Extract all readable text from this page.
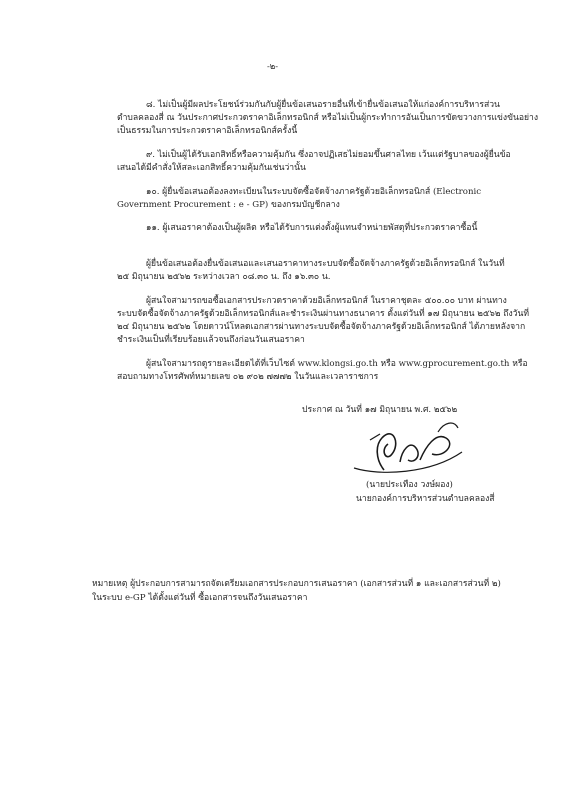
-๒-
๘. ไม่เป็นผู้มีผลประโยชน์ร่วมกันกับผู้ยื่นข้อเสนอรายอื่นที่เข้ายื่นข้อเสนอให้แก่องค์การบริหารส่วน
ตำบลคลองสี่ ณ วันประกาศประกวดราคาอิเล็กทรอนิกส์ หรือไม่เป็นผู้กระทำการอันเป็นการขัดขวางการแข่งขันอย่าง
เป็นธรรมในการประกวดราคาอิเล็กทรอนิกส์ครั้งนี้
๙. ไม่เป็นผู้ได้รับเอกสิทธิ์หรือความคุ้มกัน ซึ่งอาจปฏิเสธไม่ยอมขึ้นศาลไทย เว้นแต่รัฐบาลของผู้ยื่นข้อ
เสนอได้มีคำสั่งให้สละเอกสิทธิ์ความคุ้มกันเช่นว่านั้น
๑๐. ผู้ยื่นข้อเสนอต้องลงทะเบียนในระบบจัดซื้อจัดจ้างภาครัฐด้วยอิเล็กทรอนิกส์ (Electronic
Government Procurement : e - GP) ของกรมบัญชีกลาง
๑๑. ผู้เสนอราคาต้องเป็นผู้ผลิต หรือได้รับการแต่งตั้งผู้แทนจำหน่ายพัสดุที่ประกวดราคาซื้อนี้
ผู้ยื่นข้อเสนอต้องยื่นข้อเสนอและเสนอราคาทางระบบจัดซื้อจัดจ้างภาครัฐด้วยอิเล็กทรอนิกส์ ในวันที่
๒๕ มิถุนายน ๒๕๖๒ ระหว่างเวลา ๐๘.๓๐ น. ถึง ๑๖.๓๐ น.
ผู้สนใจสามารถขอซื้อเอกสารประกวดราคาด้วยอิเล็กทรอนิกส์ ในราคาชุดละ ๕๐๐.๐๐ บาท ผ่านทาง
ระบบจัดซื้อจัดจ้างภาครัฐด้วยอิเล็กทรอนิกส์และชำระเงินผ่านทางธนาคาร ตั้งแต่วันที่ ๑๗ มิถุนายน ๒๕๖๒ ถึงวันที่
๒๔ มิถุนายน ๒๕๖๒ โดยดาวน์โหลดเอกสารผ่านทางระบบจัดซื้อจัดจ้างภาครัฐด้วยอิเล็กทรอนิกส์ ได้ภายหลังจาก
ชำระเงินเป็นที่เรียบร้อยแล้วจนถึงก่อนวันเสนอราคา
ผู้สนใจสามารถดูรายละเอียดได้ที่เว็บไซต์ www.klongsi.go.th หรือ www.gprocurement.go.th หรือ
สอบถามทางโทรศัพท์หมายเลข ๐๒ ๙๐๒ ๗๗๗๒ ในวันและเวลาราชการ
ประกาศ ณ วันที่ ๑๗ มิถุนายน พ.ศ. ๒๕๖๒
(นายประเทือง วงษ์ผอง)
นายกองค์การบริหารส่วนตำบลคลองสี่
หมายเหตุ ผู้ประกอบการสามารถจัดเตรียมเอกสารประกอบการเสนอราคา (เอกสารส่วนที่ ๑ และเอกสารส่วนที่ ๒)
ในระบบ e-GP ได้ตั้งแต่วันที่ ซื้อเอกสารจนถึงวันเสนอราคา
